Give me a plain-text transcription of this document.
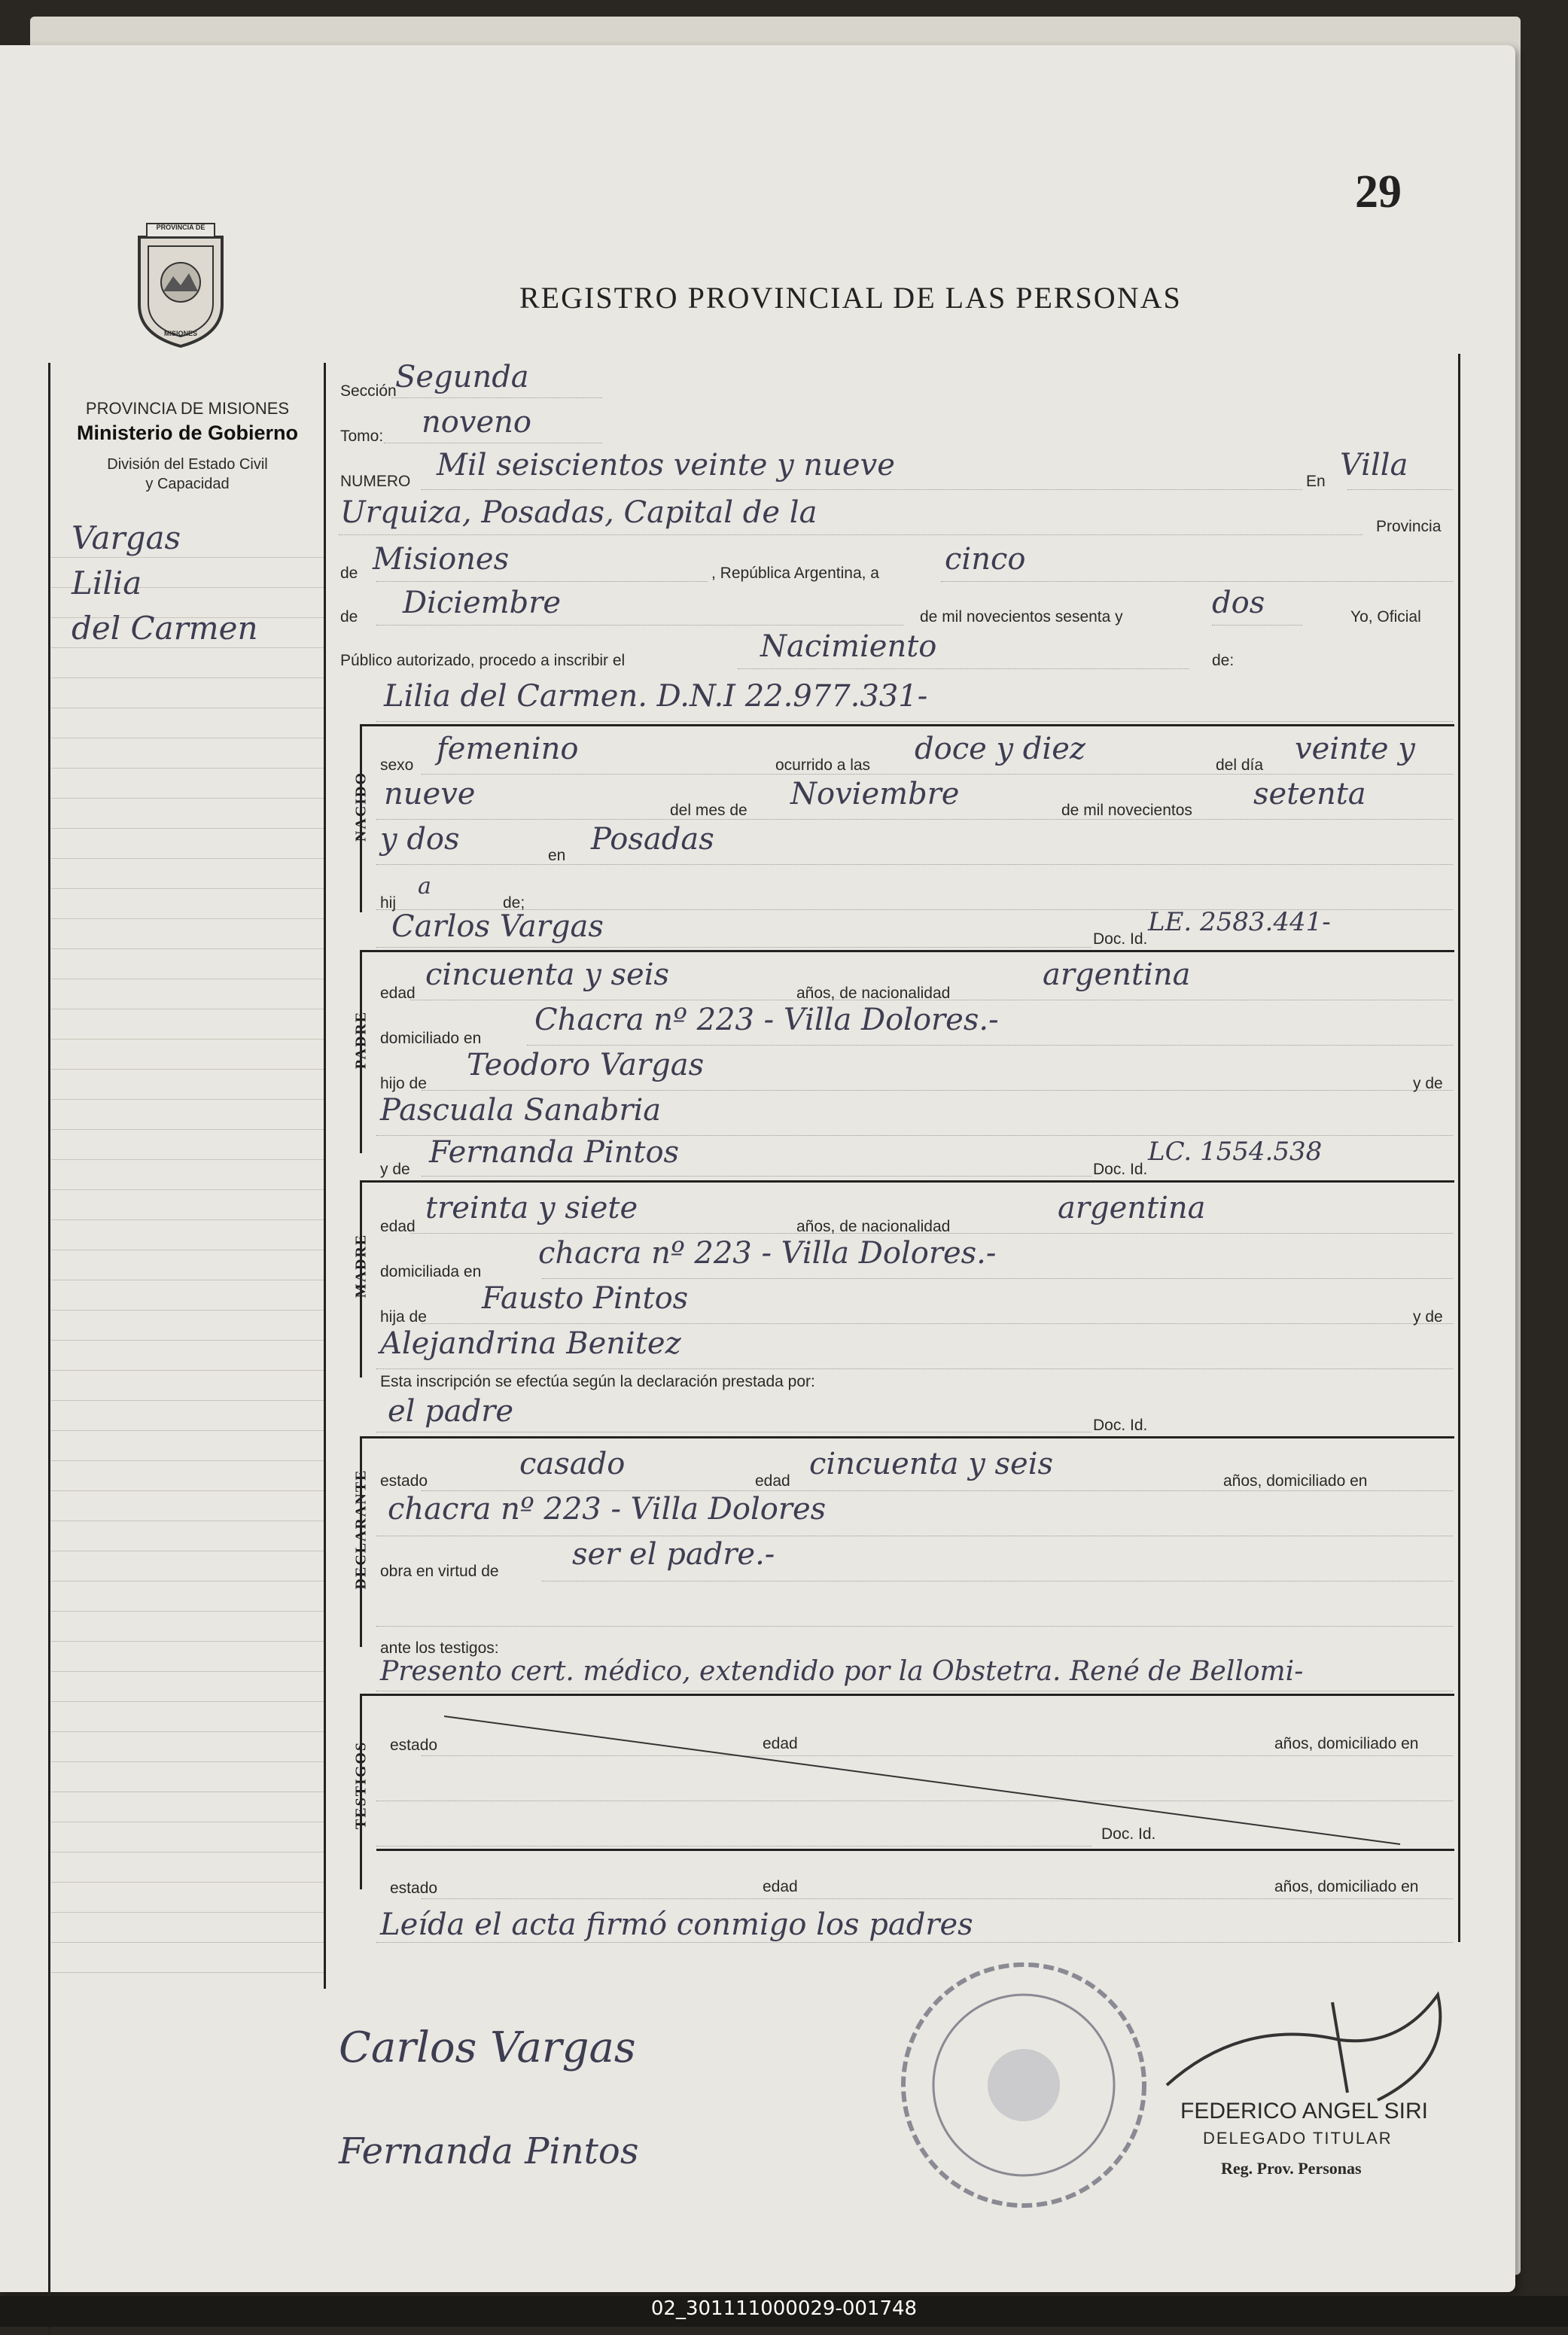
29
REGISTRO PROVINCIAL DE LAS PERSONAS
PROVINCIA DE
MISIONES
PROVINCIA DE MISIONES
Ministerio de Gobierno
División del Estado Civil
y Capacidad
Vargas
Lilia
del Carmen
Sección
Segunda
Tomo: noveno
NUMERO Mil seiscientos veinte y nueve	En Villa
Urquiza, Posadas, Capital de la	Provincia
de Misiones	, República Argentina, a cinco
de Diciembre	de mil novecientos sesenta y	dos	Yo, Oficial
Público autorizado, procedo a inscribir el	Nacimiento	de:
Lilia del Carmen. D.N.I 22.977.331-
NACIDO
sexo femenino	ocurrido a las doce y diez	del día veinte y
nueve	del mes de Noviembre	de mil novecientos setenta
y dos	en Posadas
hij
a
de;
Carlos Vargas	Doc. Id.
LE. 2583.441-
PADRE
edad
cincuenta y seis
años, de nacionalidad
argentina
domiciliado en
Chacra nº 223 - Villa Dolores.-
hijo de
Teodoro Vargas
y de
Pascuala Sanabria
y de Fernanda Pintos	Doc. Id.
LC. 1554.538
MADRE
edad
treinta y siete
años, de nacionalidad
argentina
domiciliada en
chacra nº 223 - Villa Dolores.-
hija de
Fausto Pintos
y de
Alejandrina Benitez
Esta inscripción se efectúa según la declaración prestada por:
el padre	Doc. Id.
DECLARANTE estado	casado	edad cincuenta y seis	años, domiciliado en
chacra nº 223 - Villa Dolores
obra en virtud de ser el padre.-
ante los testigos:
Presento cert. médico, extendido por la Obstetra. René de Bellomi-
TESTIGOS estado	edad	años, domiciliado en
Doc. Id.
estado	edad	años, domiciliado en
Leída el acta firmó conmigo los padres
Carlos Vargas
Fernanda Pintos
FEDERICO ANGEL SIRI
DELEGADO TITULAR
Reg. Prov. Personas
02_301111000029-001748
